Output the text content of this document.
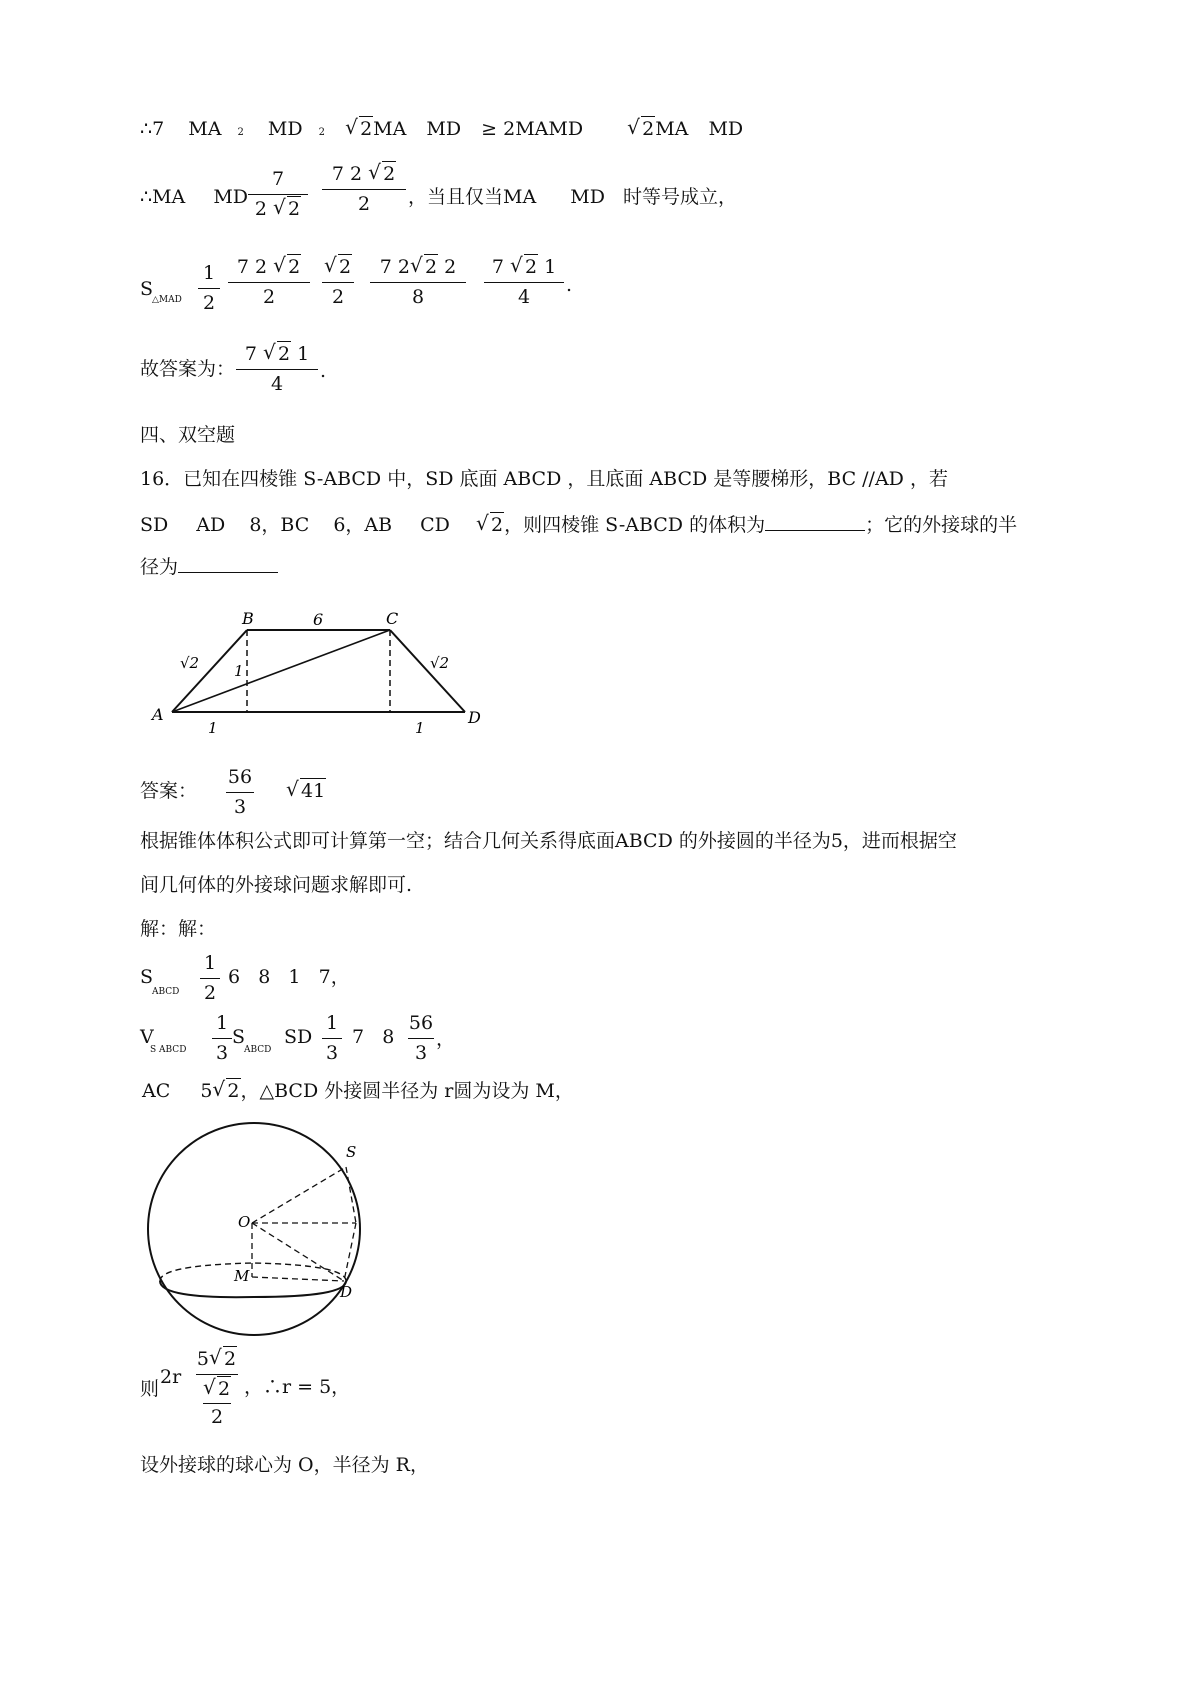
∴7 MA 2 MD 2 √ 2MA MD ≥ 2MAMD	√ 2MA MD
∴MA MD
7
2 √ 2
7 2 √ 2
2	，当且仅当MA MD 时等号成立，
S
△MAD
1
2
7 2 √ 2
2
√ 2
2
7 2 √ 2 2
8
7 √ 2 1
4
.
故答案为：
7 √ 2 1
4
.
四、双空题
16．已知在四棱锥 S-ABCD 中，SD 底面 ABCD ，且底面 ABCD 是等腰梯形，BC //AD ，若
SD AD 8，BC 6，AB CD √ 2，则四棱锥 S-ABCD 的体积为	；它的外接球的半
径为
B	C
A	D
6
√2	√2
1
1	1
答案：
56
3
√ 41
根据锥体体积公式即可计算第一空；结合几何关系得底面ABCD 的外接圆的半径为5，进而根据空
间几何体的外接球问题求解即可.
解：解：
S
ABCD
1
2
6   8   1   7，
V
S ABCD
1
3
S
ABCD
SD
1
3
7   8
56
3
，
AC 5 √ 2，△BCD 外接圆半径为 r圆为设为 M，
S
O
M
D
则
2r
5 √ 2
√ 2
2
，∴r = 5，
设外接球的球心为 O，半径为 R，
